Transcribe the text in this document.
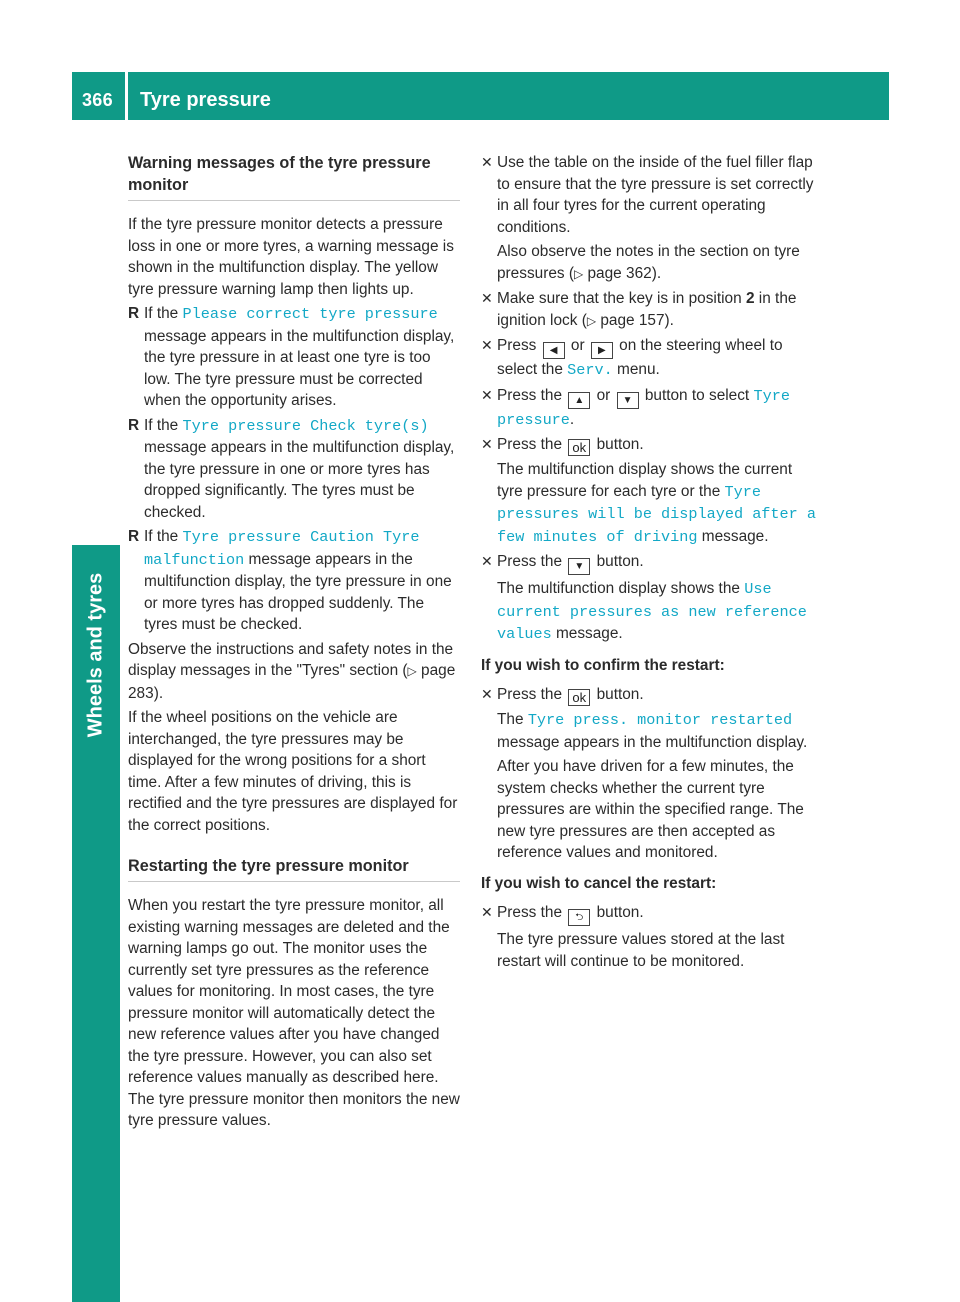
366 Tyre pressure
Wheels and tyres
Warning messages of the tyre pressure monitor

If the tyre pressure monitor detects a pressure loss in one or more tyres, a warning message is shown in the multifunction display. The yellow tyre pressure warning lamp then lights up.

R If the Please correct tyre pressure message appears in the multifunction display, the tyre pressure in at least one tyre is too low. The tyre pressure must be corrected when the opportunity arises.
R If the Tyre pressure Check tyre(s) message appears in the multifunction display, the tyre pressure in one or more tyres has dropped significantly. The tyres must be checked.
R If the Tyre pressure Caution Tyre malfunction message appears in the multifunction display, the tyre pressure in one or more tyres has dropped suddenly. The tyres must be checked.

Observe the instructions and safety notes in the display messages in the "Tyres" section (▷ page 283).

If the wheel positions on the vehicle are interchanged, the tyre pressures may be displayed for the wrong positions for a short time. After a few minutes of driving, this is rectified and the tyre pressures are displayed for the correct positions.

Restarting the tyre pressure monitor

When you restart the tyre pressure monitor, all existing warning messages are deleted and the warning lamps go out. The monitor uses the currently set tyre pressures as the reference values for monitoring. In most cases, the tyre pressure monitor will automatically detect the new reference values after you have changed the tyre pressure. However, you can also set reference values manually as described here. The tyre pressure monitor then monitors the new tyre pressure values.

✕ Use the table on the inside of the fuel filler flap to ensure that the tyre pressure is set correctly in all four tyres for the current operating conditions.
Also observe the notes in the section on tyre pressures (▷ page 362).
✕ Make sure that the key is in position 2 in the ignition lock (▷ page 157).
✕ Press ◀ or ▶ on the steering wheel to select the Serv. menu.
✕ Press the ▲ or ▼ button to select Tyre pressure.
✕ Press the ok button.
The multifunction display shows the current tyre pressure for each tyre or the Tyre pressures will be displayed after a few minutes of driving message.
✕ Press the ▼ button.
The multifunction display shows the Use current pressures as new reference values message.
If you wish to confirm the restart:
✕ Press the ok button.
The Tyre press. monitor restarted message appears in the multifunction display.
After you have driven for a few minutes, the system checks whether the current tyre pressures are within the specified range. The new tyre pressures are then accepted as reference values and monitored.
If you wish to cancel the restart:
✕ Press the ⮌ button.
The tyre pressure values stored at the last restart will continue to be monitored.
